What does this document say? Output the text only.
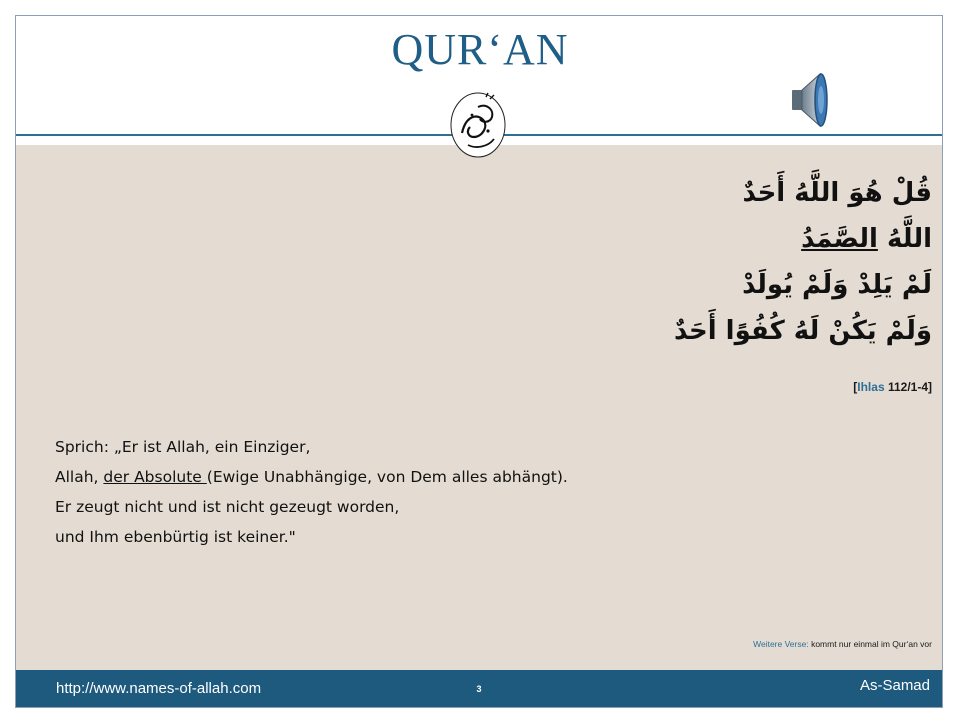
QUR‘AN
قُلْ هُوَ اللَّهُ أَحَدٌ
اللَّهُ الصَّمَدُ
لَمْ يَلِدْ وَلَمْ يُولَدْ
وَلَمْ يَكُنْ لَهُ كُفُوًا أَحَدٌ
[Ihlas 112/1-4]
Sprich: „Er ist Allah, ein Einziger,
Allah, der Absolute (Ewige Unabhängige, von Dem alles abhängt).
Er zeugt nicht und ist nicht gezeugt worden,
und Ihm ebenbürtig ist keiner."
Weitere Verse: kommt nur einmal im Qur‘an vor
http://www.names-of-allah.com	3	As-Samad
